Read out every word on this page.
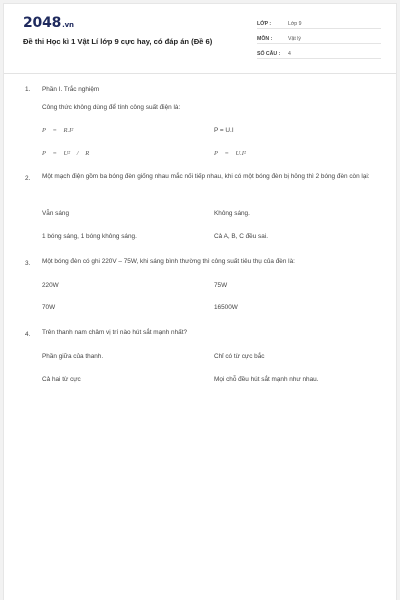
2048.vn
Đề thi Học kì 1 Vật Lí lớp 9 cực hay, có đáp án (Đề 6)
LỚP :	Lớp 9
MÔN :	Vật lý
SỐ CÂU : 4
1. Phần I. Trắc nghiệm
Công thức không dùng để tính công suất điện là:
P = R.I²	P = U.I
P = U² / R	P = U.I²
2. Một mạch điện gồm ba bóng đèn giống nhau mắc nối tiếp nhau, khi có một bóng đèn bị hỏng thì 2 bóng đèn còn lại:
Vẫn sáng	Không sáng.
1 bóng sáng, 1 bóng không sáng.	Cả A, B, C đều sai.
3. Một bóng đèn có ghi 220V – 75W, khi sáng bình thường thì công suất tiêu thụ của đèn là:
220W	75W
70W	16500W
4. Trên thanh nam châm vị trí nào hút sắt mạnh nhất?
Phần giữa của thanh.	Chỉ có từ cực bắc
Cả hai từ cực	Mọi chỗ đều hút sắt mạnh như nhau.
